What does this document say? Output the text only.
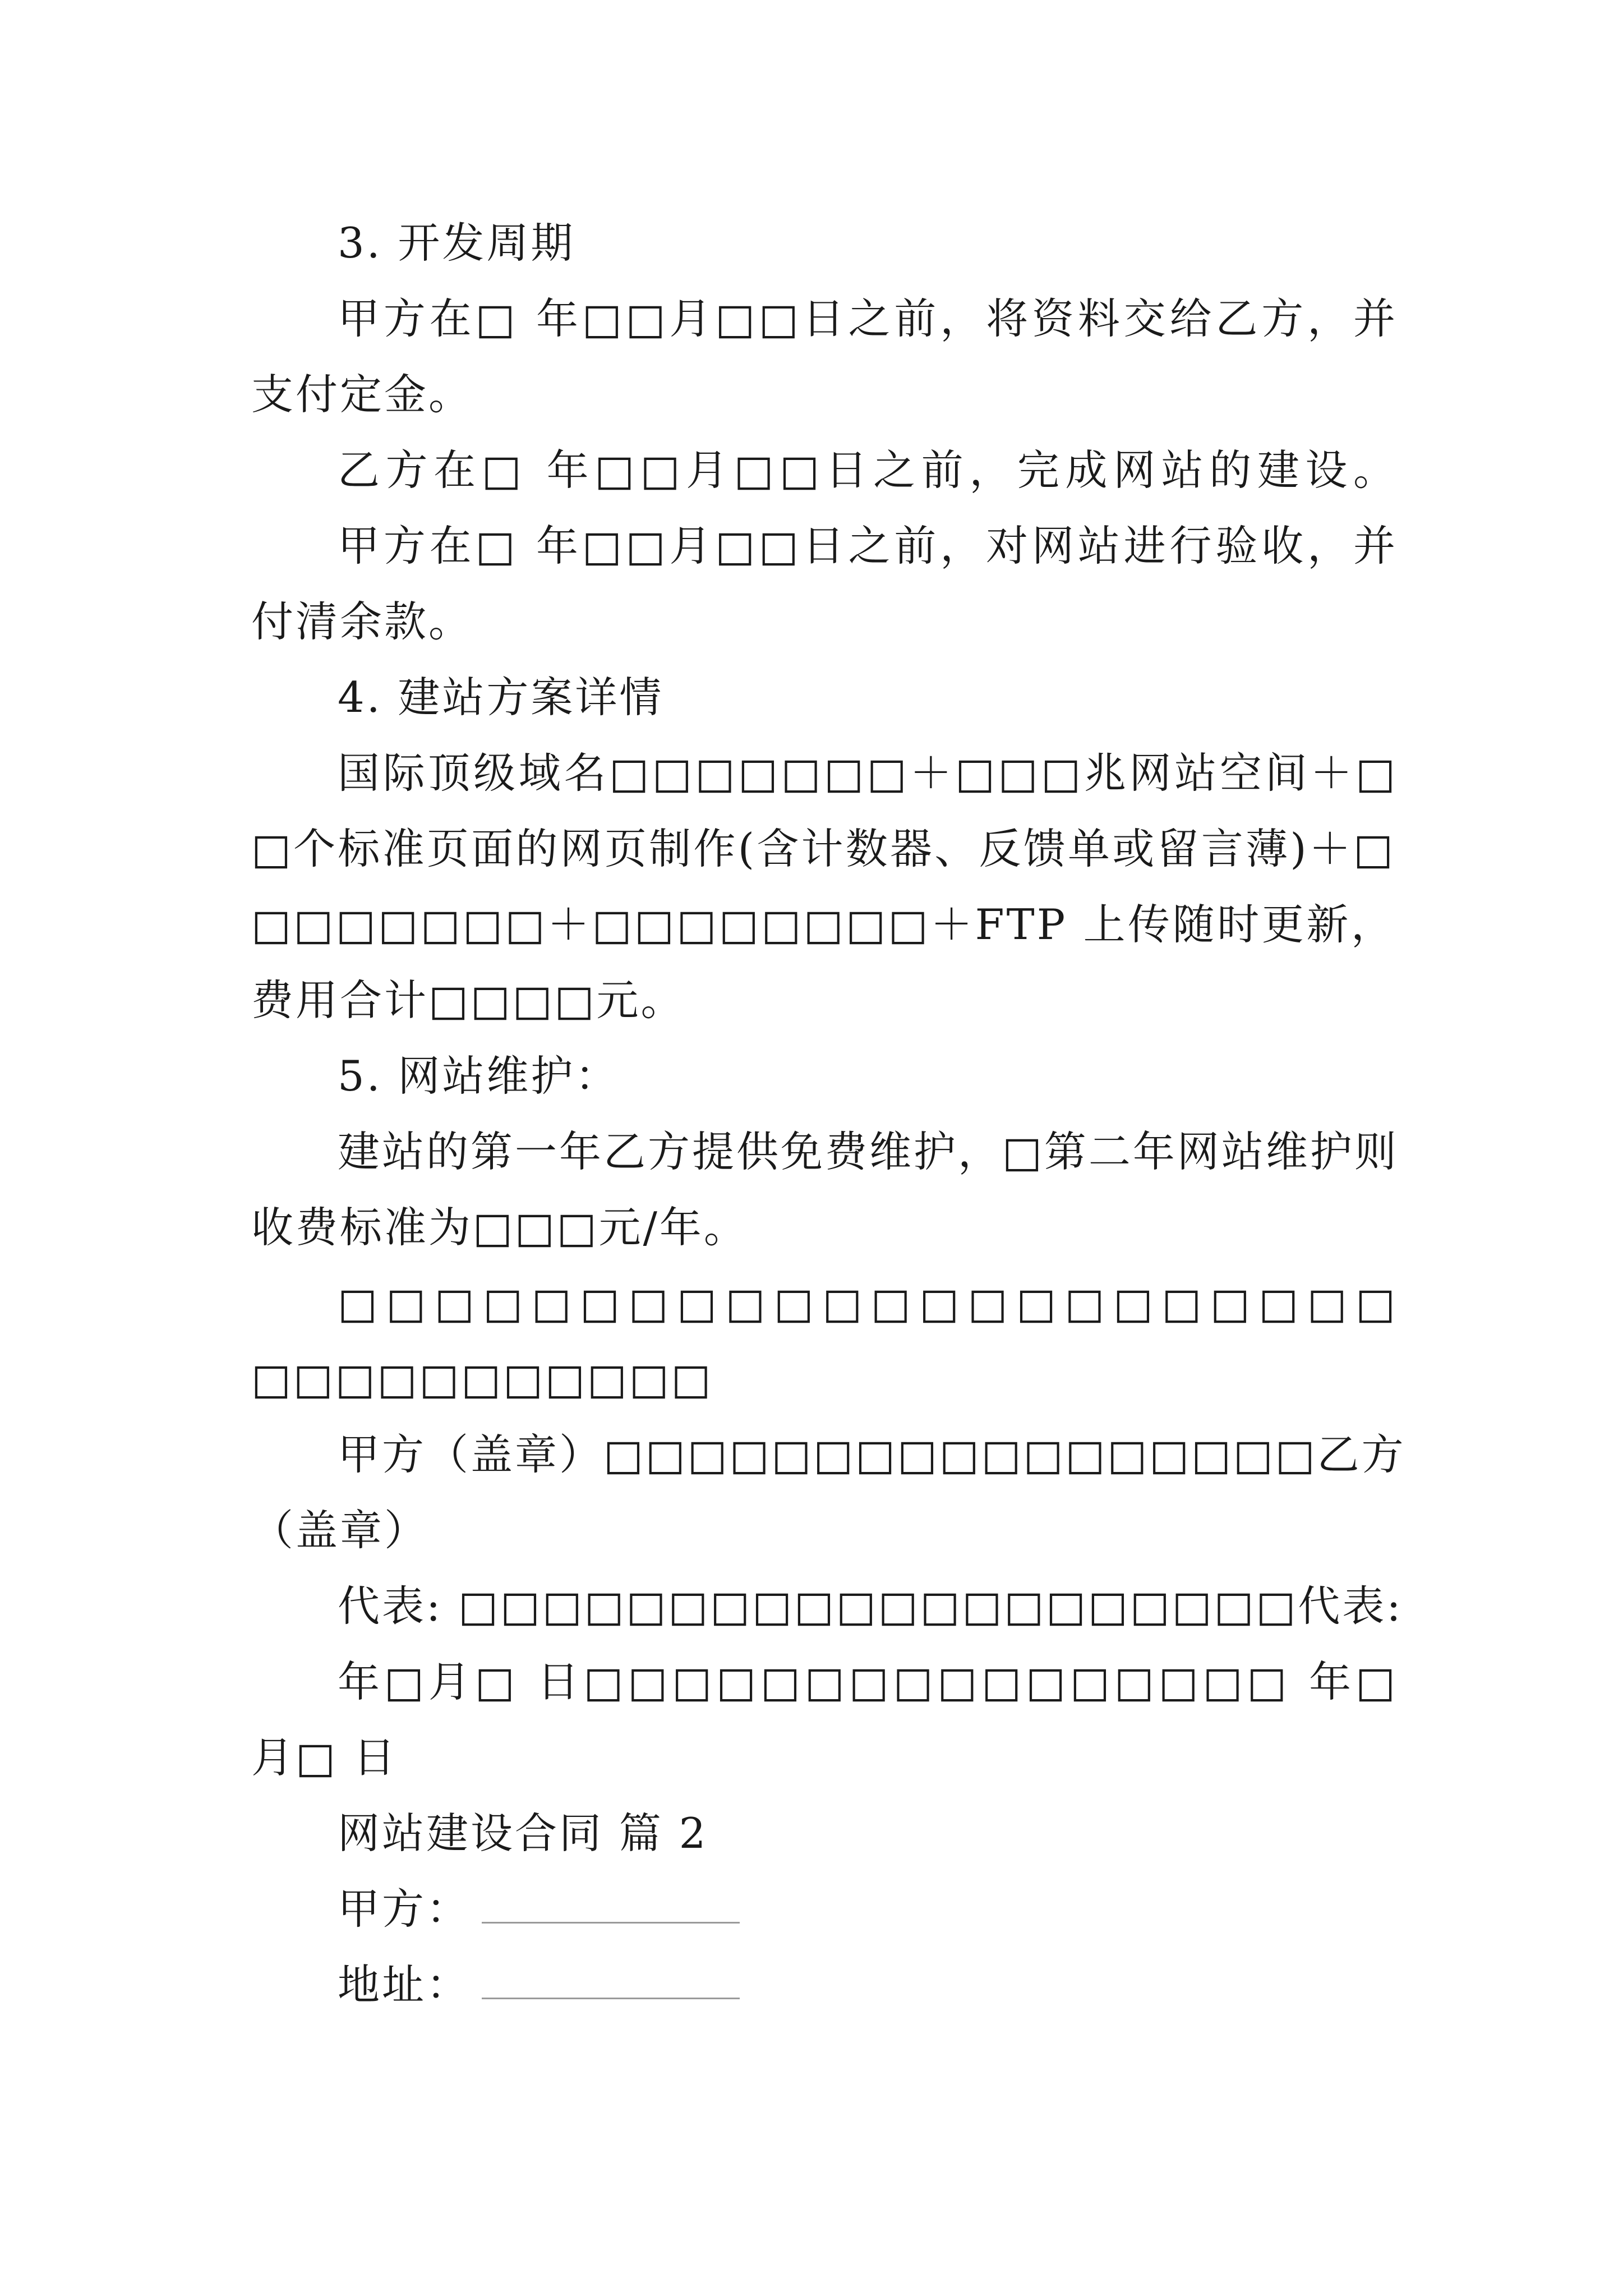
3. 开发周期
甲方在□ 年□□月□□日之前，将资料交给乙方，并
支付定金。
乙方在□ 年□□月□□日之前，完成网站的建设。
甲方在□ 年□□月□□日之前，对网站进行验收，并
付清余款。
4. 建站方案详情
国际顶级域名□□□□□□□＋□□□兆网站空间＋□
□个标准页面的网页制作(含计数器、反馈单或留言薄)＋□
□□□□□□□＋□□□□□□□□＋FTP 上传随时更新，
费用合计□□□□元。
5. 网站维护：
建站的第一年乙方提供免费维护，□第二年网站维护则
收费标准为□□□元/年。
□□□□□□□□□□□□□□□□□□□□□□
□□□□□□□□□□□
甲方（盖章）□□□□□□□□□□□□□□□□□乙方
（盖章）
代表: □□□□□□□□□□□□□□□□□□□□代表:
年□月□ 日□□□□□□□□□□□□□□□□ 年□
月□ 日
网站建设合同 篇 2
甲方：
地址：
